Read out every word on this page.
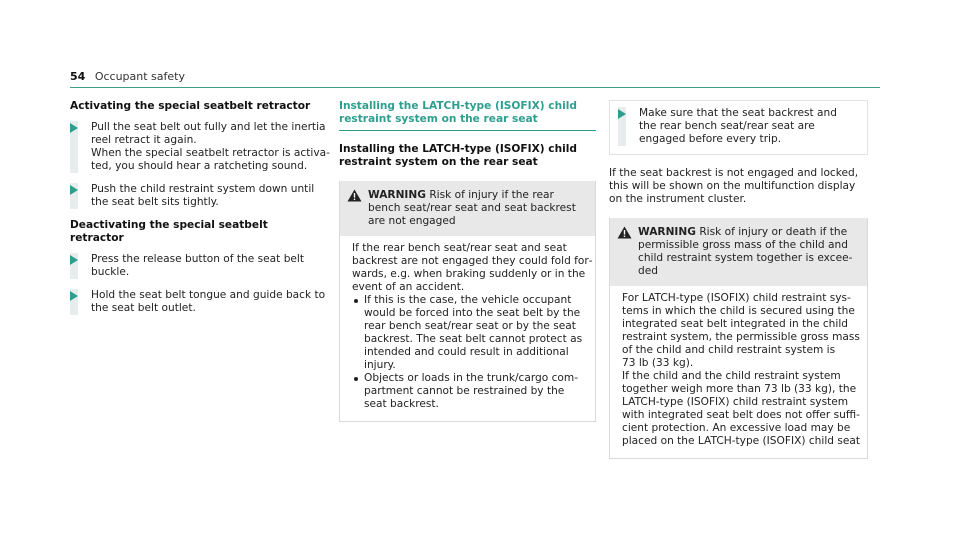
54 Occupant safety
Activating the special seatbelt retractor
Pull the seat belt out fully and let the inertia
reel retract it again.
When the special seatbelt retractor is activa‐
ted, you should hear a ratcheting sound.
Push the child restraint system down until
the seat belt sits tightly.
Deactivating the special seatbelt retractor
Press the release button of the seat belt
buckle.
Hold the seat belt tongue and guide back to
the seat belt outlet.
Installing the LATCH-type (ISOFIX) child
restraint system on the rear seat
Installing the LATCH-type (ISOFIX) child
restraint system on the rear seat
WARNING Risk of injury if the rear
bench seat/rear seat and seat backrest
are not engaged
If the rear bench seat/rear seat and seat
backrest are not engaged they could fold for‐
wards, e.g. when braking suddenly or in the
event of an accident.
If this is the case, the vehicle occupant
would be forced into the seat belt by the
rear bench seat/rear seat or by the seat
backrest. The seat belt cannot protect as
intended and could result in additional
injury.
Objects or loads in the trunk/cargo com‐
partment cannot be restrained by the
seat backrest.
Make sure that the seat backrest and
the rear bench seat/rear seat are
engaged before every trip.
If the seat backrest is not engaged and locked,
this will be shown on the multifunction display
on the instrument cluster.
WARNING Risk of injury or death if the
permissible gross mass of the child and
child restraint system together is excee‐
ded
For LATCH-type (ISOFIX) child restraint sys‐
tems in which the child is secured using the
integrated seat belt integrated in the child
restraint system, the permissible gross mass
of the child and child restraint system is
73 lb (33 kg).
If the child and the child restraint system
together weigh more than 73 lb (33 kg), the
LATCH-type (ISOFIX) child restraint system
with integrated seat belt does not offer suffi‐
cient protection. An excessive load may be
placed on the LATCH-type (ISOFIX) child seat
